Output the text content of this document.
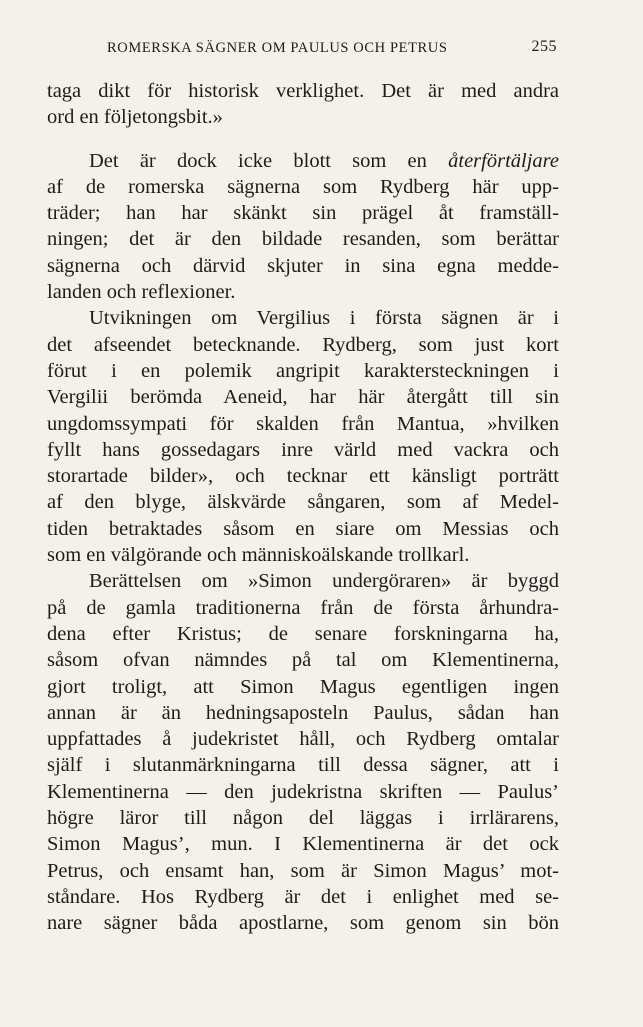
ROMERSKA SÄGNER OM PAULUS OCH PETRUS	255
taga dikt för historisk verklighet. Det är med andra
ord en följetongsbit.»
Det är dock icke blott som en återförtäljare
af de romerska sägnerna som Rydberg här upp-
träder; han har skänkt sin prägel åt framställ-
ningen; det är den bildade resanden, som berättar
sägnerna och därvid skjuter in sina egna medde-
landen och reflexioner.
Utvikningen om Vergilius i första sägnen är i
det afseendet betecknande. Rydberg, som just kort
förut i en polemik angripit karaktersteckningen i
Vergilii berömda Aeneid, har här återgått till sin
ungdomssympati för skalden från Mantua, »hvilken
fyllt hans gossedagars inre värld med vackra och
storartade bilder», och tecknar ett känsligt porträtt
af den blyge, älskvärde sångaren, som af Medel-
tiden betraktades såsom en siare om Messias och
som en välgörande och människoälskande trollkarl.
Berättelsen om »Simon undergöraren» är byggd
på de gamla traditionerna från de första århundra-
dena efter Kristus; de senare forskningarna ha,
såsom ofvan nämndes på tal om Klementinerna,
gjort troligt, att Simon Magus egentligen ingen
annan är än hedningsaposteln Paulus, sådan han
uppfattades å judekristet håll, och Rydberg omtalar
själf i slutanmärkningarna till dessa sägner, att i
Klementinerna — den judekristna skriften — Paulus’
högre läror till någon del läggas i irrlärarens,
Simon Magus’, mun. I Klementinerna är det ock
Petrus, och ensamt han, som är Simon Magus’ mot-
ståndare. Hos Rydberg är det i enlighet med se-
nare sägner båda apostlarne, som genom sin bön
